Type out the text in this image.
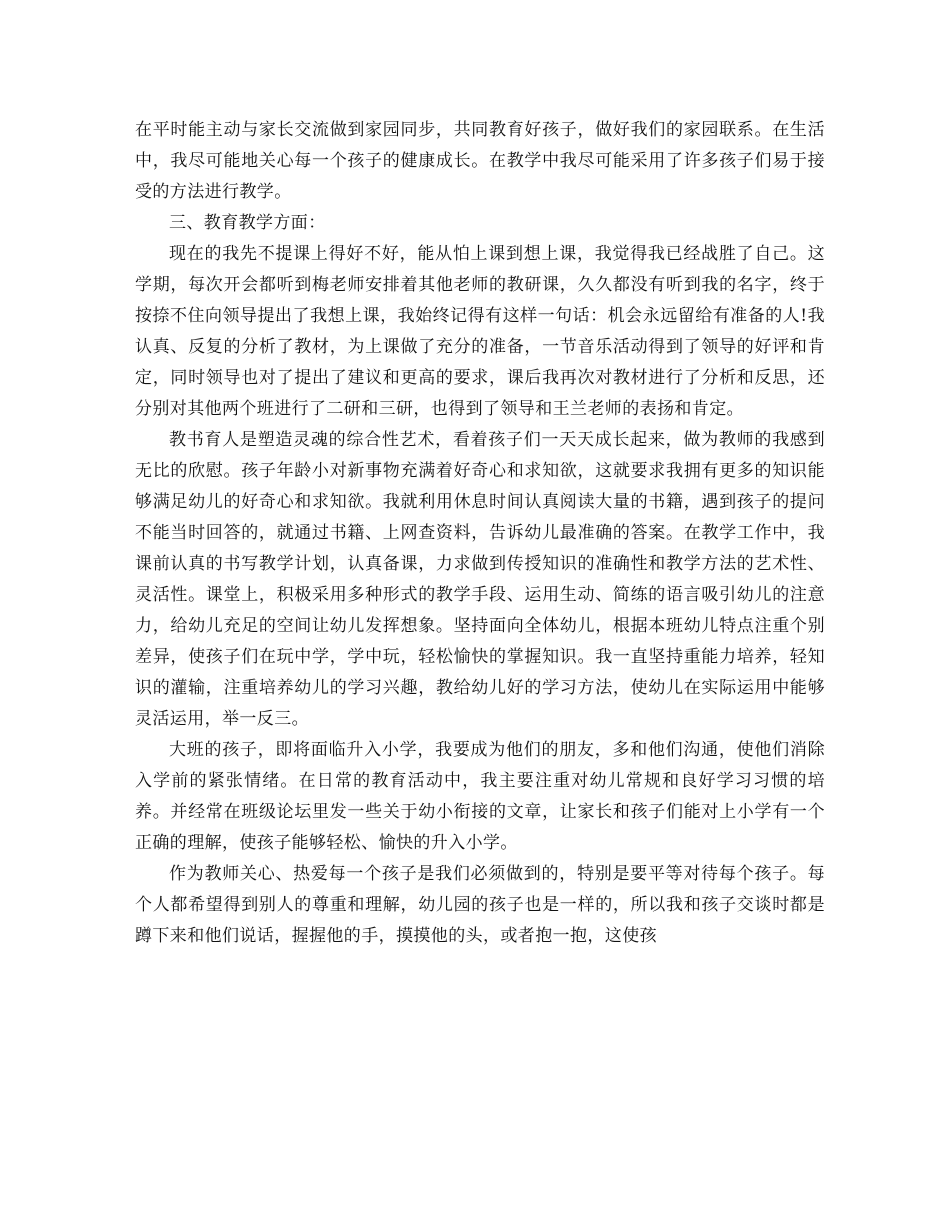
在平时能主动与家长交流做到家园同步，共同教育好孩子，做好我们的家园联系。在生活中，我尽可能地关心每一个孩子的健康成长。在教学中我尽可能采用了许多孩子们易于接受的方法进行教学。

三、教育教学方面：

现在的我先不提课上得好不好，能从怕上课到想上课，我觉得我已经战胜了自己。这学期，每次开会都听到梅老师安排着其他老师的教研课，久久都没有听到我的名字，终于按捺不住向领导提出了我想上课，我始终记得有这样一句话：机会永远留给有准备的人!我认真、反复的分析了教材，为上课做了充分的准备，一节音乐活动得到了领导的好评和肯定，同时领导也对了提出了建议和更高的要求，课后我再次对教材进行了分析和反思，还分别对其他两个班进行了二研和三研，也得到了领导和王兰老师的表扬和肯定。

教书育人是塑造灵魂的综合性艺术，看着孩子们一天天成长起来，做为教师的我感到无比的欣慰。孩子年龄小对新事物充满着好奇心和求知欲，这就要求我拥有更多的知识能够满足幼儿的好奇心和求知欲。我就利用休息时间认真阅读大量的书籍，遇到孩子的提问不能当时回答的，就通过书籍、上网查资料，告诉幼儿最准确的答案。在教学工作中，我课前认真的书写教学计划，认真备课，力求做到传授知识的准确性和教学方法的艺术性、灵活性。课堂上，积极采用多种形式的教学手段、运用生动、简练的语言吸引幼儿的注意力，给幼儿充足的空间让幼儿发挥想象。坚持面向全体幼儿，根据本班幼儿特点注重个别差异，使孩子们在玩中学，学中玩，轻松愉快的掌握知识。我一直坚持重能力培养，轻知识的灌输，注重培养幼儿的学习兴趣，教给幼儿好的学习方法，使幼儿在实际运用中能够灵活运用，举一反三。

大班的孩子，即将面临升入小学，我要成为他们的朋友，多和他们沟通，使他们消除入学前的紧张情绪。在日常的教育活动中，我主要注重对幼儿常规和良好学习习惯的培养。并经常在班级论坛里发一些关于幼小衔接的文章，让家长和孩子们能对上小学有一个正确的理解，使孩子能够轻松、愉快的升入小学。

作为教师关心、热爱每一个孩子是我们必须做到的，特别是要平等对待每个孩子。每个人都希望得到别人的尊重和理解，幼儿园的孩子也是一样的，所以我和孩子交谈时都是蹲下来和他们说话，握握他的手，摸摸他的头，或者抱一抱，这使孩
